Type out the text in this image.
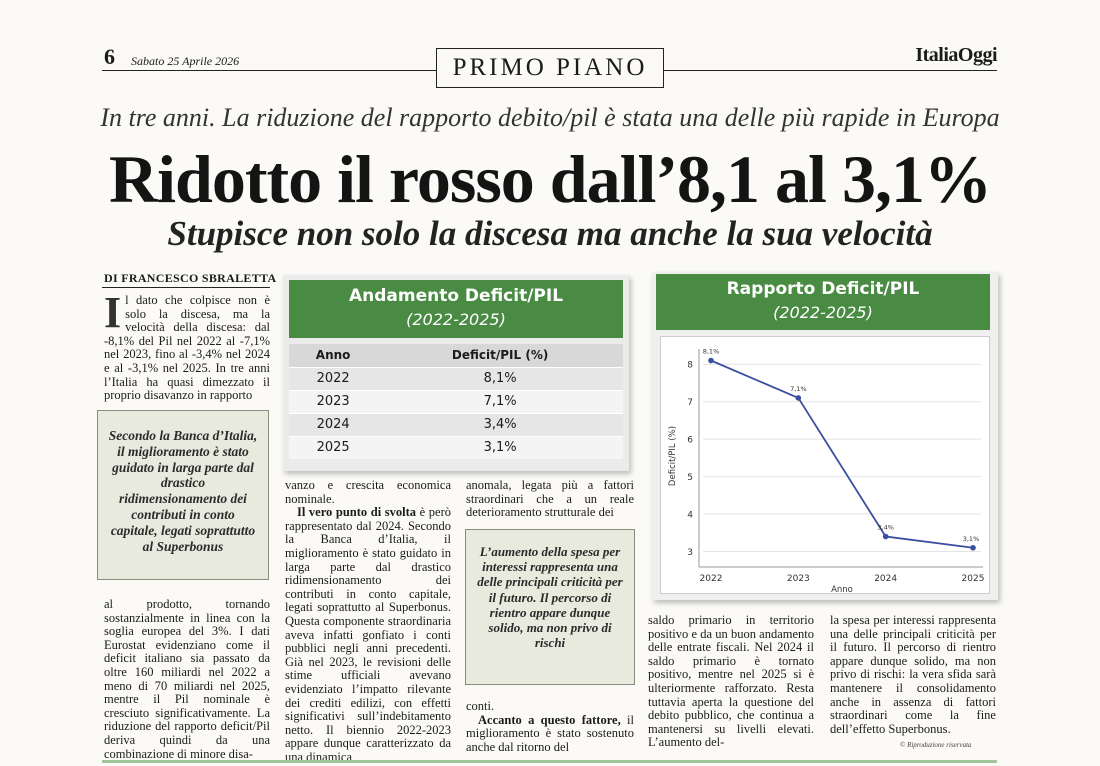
6 Sabato 25 Aprile 2026	PRIMO PIANO	ItaliaOggi
In tre anni. La riduzione del rapporto debito/pil è stata una delle più rapide in Europa
Ridotto il rosso dall’8,1 al 3,1%
Stupisce non solo la discesa ma anche la sua velocità
DI FRANCESCO SBRALETTA
Il dato che colpisce non è solo la discesa, ma la velocità della discesa: dal -8,1% del Pil nel 2022 al -7,1% nel 2023, fino al -3,4% nel 2024 e al -3,1% nel 2025. In tre anni l’Italia ha quasi dimezzato il proprio disavanzo in rapporto
Secondo la Banca d’Italia, il miglioramento è stato guidato in larga parte dal drastico ridimensionamento dei contributi in conto capitale, legati soprattutto al Superbonus
al prodotto, tornando sostanzialmente in linea con la soglia europea del 3%. I dati Eurostat evidenziano come il deficit italiano sia passato da oltre 160 miliardi nel 2022 a meno di 70 miliardi nel 2025, mentre il Pil nominale è cresciuto significativamente. La riduzione del rapporto deficit/Pil deriva quindi da una combinazione di minore disa-
Andamento Deficit/PIL
(2022-2025)
Anno	Deficit/PIL (%)
2022	8,1%
2023	7,1%
2024	3,4%
2025	3,1%
vanzo e crescita economica nominale.
Il vero punto di svolta è però rappresentato dal 2024. Secondo la Banca d’Italia, il miglioramento è stato guidato in larga parte dal drastico ridimensionamento dei contributi in conto capitale, legati soprattutto al Superbonus. Questa componente straordinaria aveva infatti gonfiato i conti pubblici negli anni precedenti. Già nel 2023, le revisioni delle stime ufficiali avevano evidenziato l’impatto rilevante dei crediti edilizi, con effetti significativi sull’indebitamento netto. Il biennio 2022-2023 appare dunque caratterizzato da una dinamica
anomala, legata più a fattori straordinari che a un reale deterioramento strutturale dei
L’aumento della spesa per interessi rappresenta una delle principali criticità per il futuro. Il percorso di rientro appare dunque solido, ma non privo di rischi
conti.
Accanto a questo fattore, il miglioramento è stato sostenuto anche dal ritorno del
Rapporto Deficit/PIL
(2022-2025)
3
4
5
6
7
8
2022	2023	2024	2025
Anno
Deficit/PIL (%)
8,1%
7,1%
3,4%
3,1%
saldo primario in territorio positivo e da un buon andamento delle entrate fiscali. Nel 2024 il saldo primario è tornato positivo, mentre nel 2025 si è ulteriormente rafforzato. Resta tuttavia aperta la questione del debito pubblico, che continua a mantenersi su livelli elevati. L’aumento del-
la spesa per interessi rappresenta una delle principali criticità per il futuro. Il percorso di rientro appare dunque solido, ma non privo di rischi: la vera sfida sarà mantenere il consolidamento anche in assenza di fattori straordinari come la fine dell’effetto Superbonus.
© Riproduzione riservata
